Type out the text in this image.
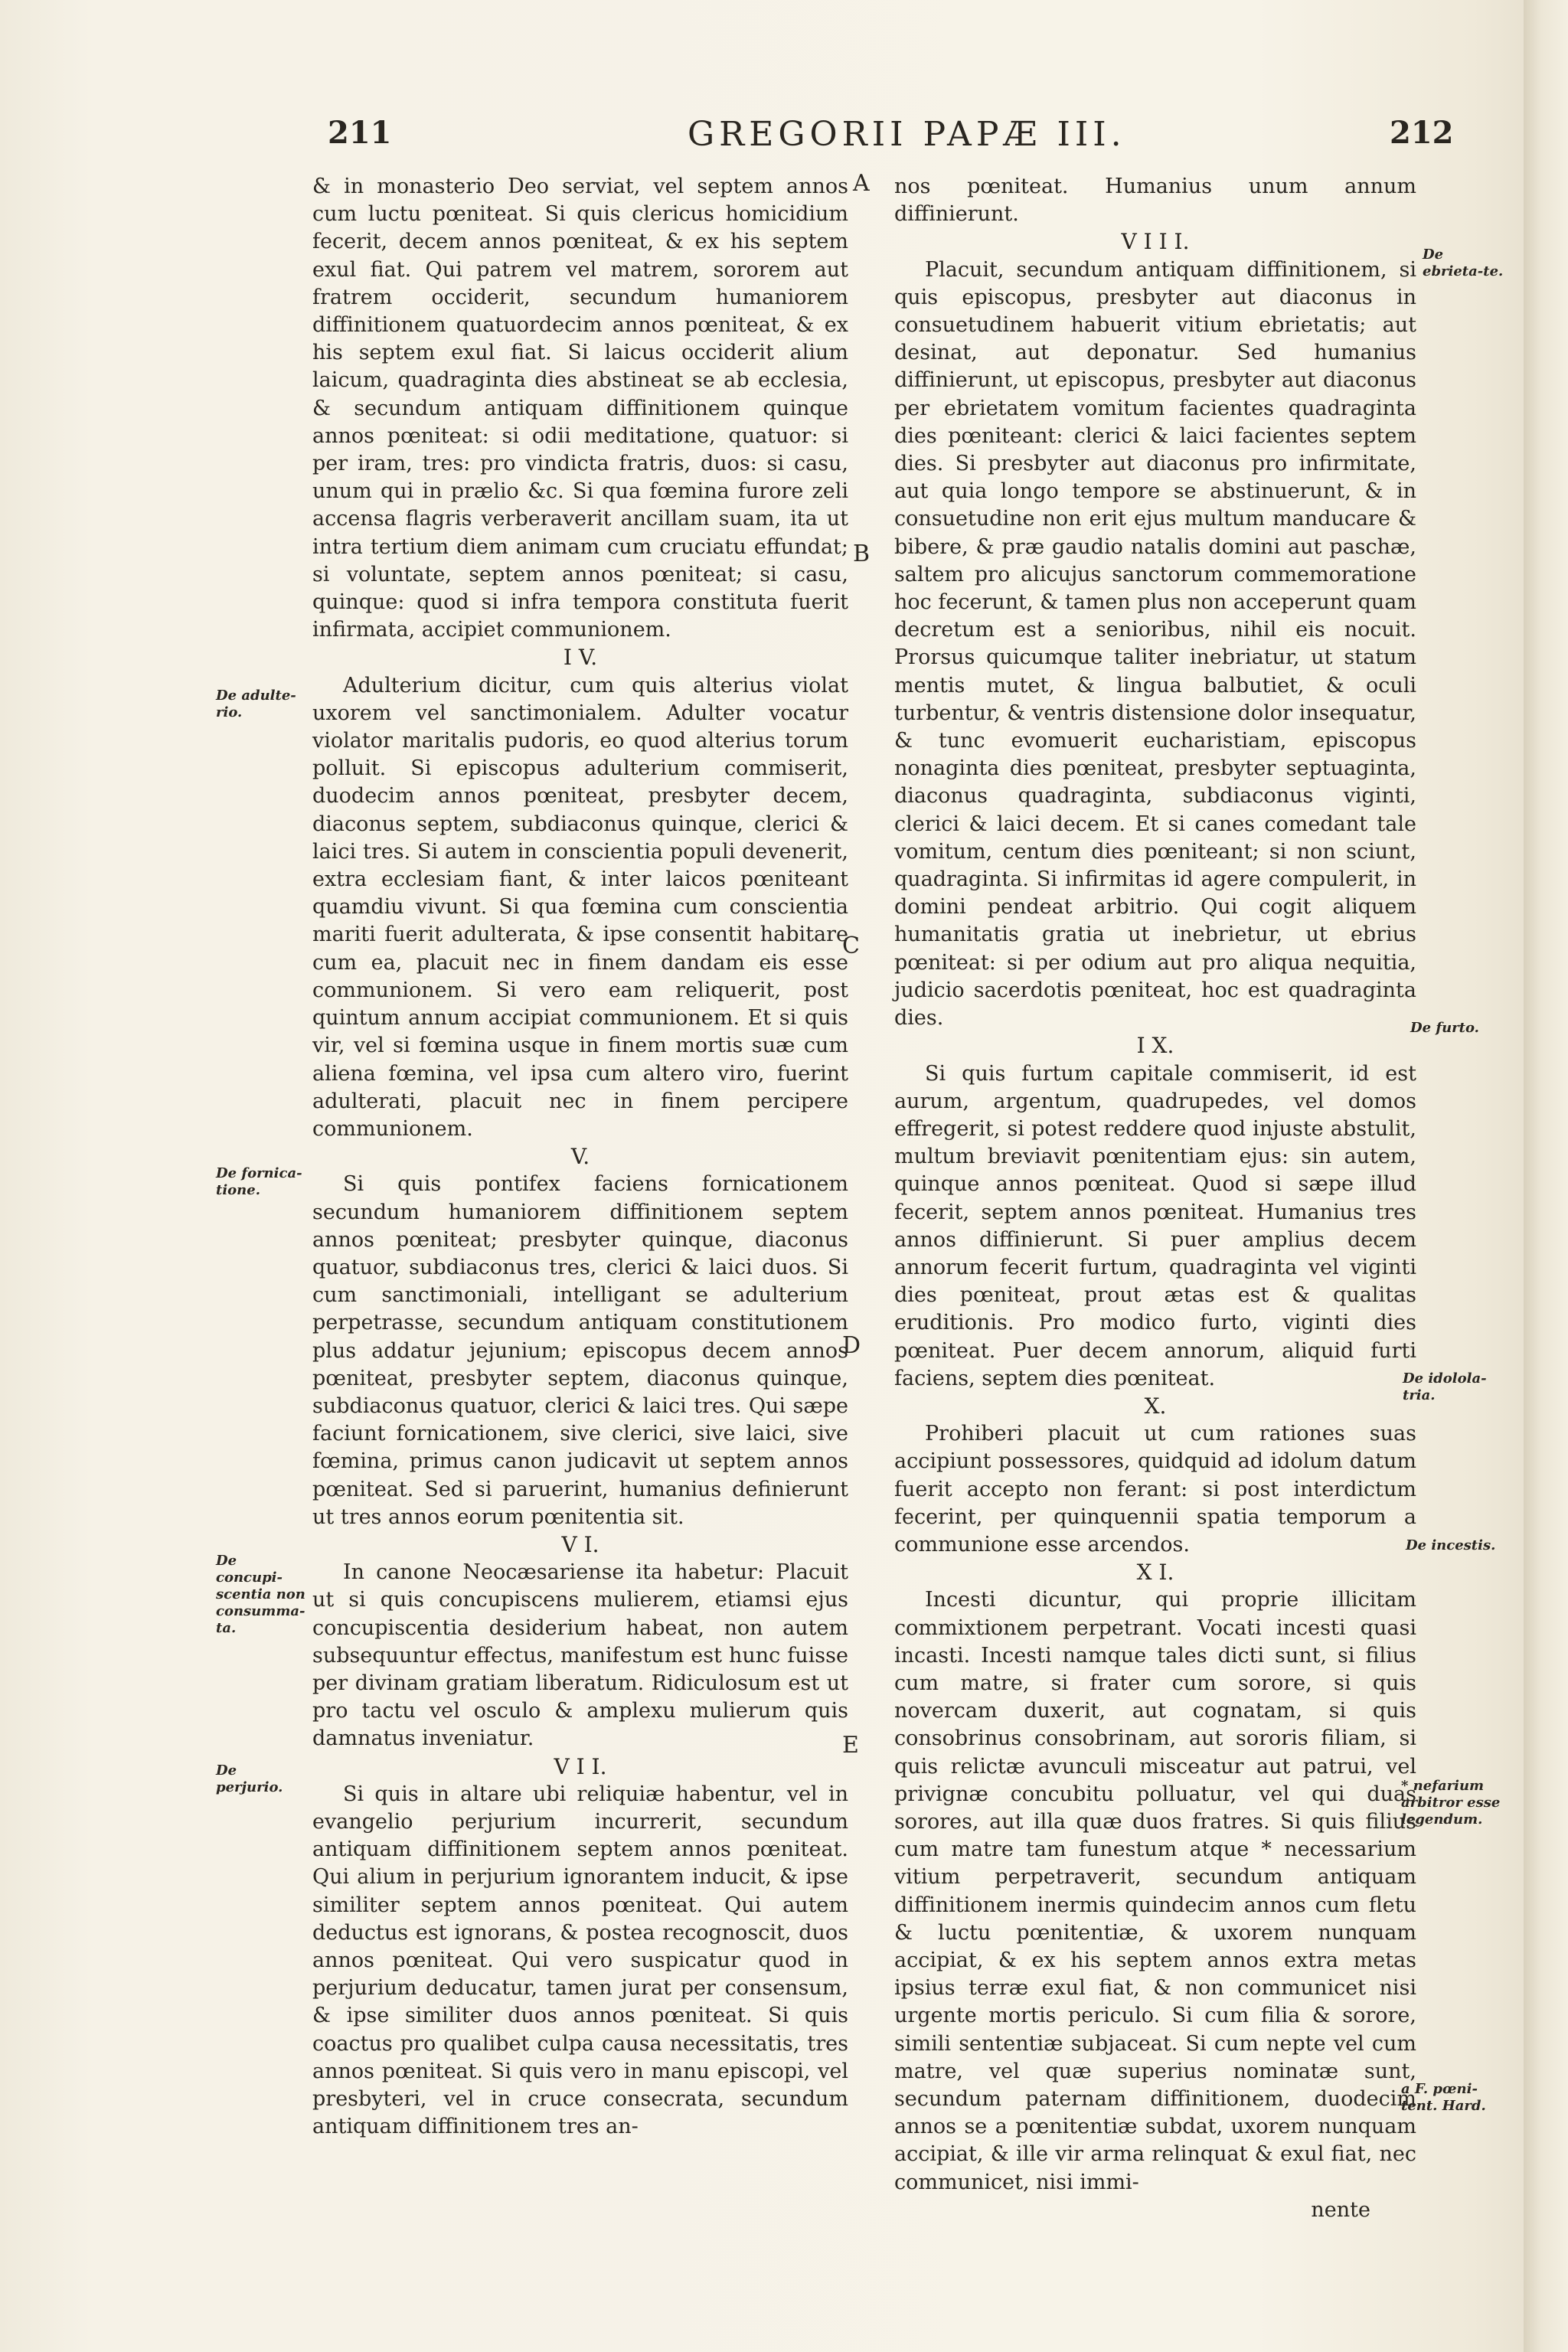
211	GREGORII PAPÆ III.	212

& in monasterio Deo serviat, vel septem annos cum luctu pœniteat. Si quis clericus homicidium fecerit, decem annos pœniteat, & ex his septem exul fiat. Qui patrem vel matrem, sororem aut fratrem occiderit, secundum humaniorem diffinitionem quatuordecim annos pœniteat, & ex his septem exul fiat. Si laicus occiderit alium laicum, quadraginta dies abstineat se ab ecclesia, & secundum antiquam diffinitionem quinque annos pœniteat: si odii meditatione, quatuor: si per iram, tres: pro vindicta fratris, duos: si casu, unum qui in prælio &c. Si qua fœmina furore zeli accensa flagris verberaverit ancillam suam, ita ut intra tertium diem animam cum cruciatu effundat; si voluntate, septem annos pœniteat; si casu, quinque: quod si infra tempora constituta fuerit infirmata, accipiet communionem.

I V.

Adulterium dicitur, cum quis alterius violat uxorem vel sanctimonialem. Adulter vocatur violator maritalis pudoris, eo quod alterius torum polluit. Si episcopus adulterium commiserit, duodecim annos pœniteat, presbyter decem, diaconus septem, subdiaconus quinque, clerici & laici tres. Si autem in conscientia populi devenerit, extra ecclesiam fiant, & inter laicos pœniteant quamdiu vivunt. Si qua fœmina cum conscientia mariti fuerit adulterata, & ipse consentit habitare cum ea, placuit nec in finem dandam eis esse communionem. Si vero eam reliquerit, post quintum annum accipiat communionem. Et si quis vir, vel si fœmina usque in finem mortis suæ cum aliena fœmina, vel ipsa cum altero viro, fuerint adulterati, placuit nec in finem percipere communionem.

V.

Si quis pontifex faciens fornicationem secundum humaniorem diffinitionem septem annos pœniteat; presbyter quinque, diaconus quatuor, subdiaconus tres, clerici & laici duos. Si cum sanctimoniali, intelligant se adulterium perpetrasse, secundum antiquam constitutionem plus addatur jejunium; episcopus decem annos pœniteat, presbyter septem, diaconus quinque, subdiaconus quatuor, clerici & laici tres. Qui sæpe faciunt fornicationem, sive clerici, sive laici, sive fœmina, primus canon judicavit ut septem annos pœniteat. Sed si paruerint, humanius definierunt ut tres annos eorum pœnitentia sit.

V I.

In canone Neocæsariense ita habetur: Placuit ut si quis concupiscens mulierem, etiamsi ejus concupiscentia desiderium habeat, non autem subsequuntur effectus, manifestum est hunc fuisse per divinam gratiam liberatum. Ridiculosum est ut pro tactu vel osculo & amplexu mulierum quis damnatus inveniatur.

V I I.

Si quis in altare ubi reliquiæ habentur, vel in evangelio perjurium incurrerit, secundum antiquam diffinitionem septem annos pœniteat. Qui alium in perjurium ignorantem inducit, & ipse similiter septem annos pœniteat. Qui autem deductus est ignorans, & postea recognoscit, duos annos pœniteat. Qui vero suspicatur quod in perjurium deducatur, tamen jurat per consensum, & ipse similiter duos annos pœniteat. Si quis coactus pro qualibet culpa causa necessitatis, tres annos pœniteat. Si quis vero in manu episcopi, vel presbyteri, vel in cruce consecrata, secundum antiquam diffinitionem tres an-

nos pœniteat. Humanius unum annum diffinierunt.

V I I I.

Placuit, secundum antiquam diffinitionem, si quis episcopus, presbyter aut diaconus in consuetudinem habuerit vitium ebrietatis; aut desinat, aut deponatur. Sed humanius diffinierunt, ut episcopus, presbyter aut diaconus per ebrietatem vomitum facientes quadraginta dies pœniteant: clerici & laici facientes septem dies. Si presbyter aut diaconus pro infirmitate, aut quia longo tempore se abstinuerunt, & in consuetudine non erit ejus multum manducare & bibere, & præ gaudio natalis domini aut paschæ, saltem pro alicujus sanctorum commemoratione hoc fecerunt, & tamen plus non acceperunt quam decretum est a senioribus, nihil eis nocuit. Prorsus quicumque taliter inebriatur, ut statum mentis mutet, & lingua balbutiet, & oculi turbentur, & ventris distensione dolor insequatur, & tunc evomuerit eucharistiam, episcopus nonaginta dies pœniteat, presbyter septuaginta, diaconus quadraginta, subdiaconus viginti, clerici & laici decem. Et si canes comedant tale vomitum, centum dies pœniteant; si non sciunt, quadraginta. Si infirmitas id agere compulerit, in domini pendeat arbitrio. Qui cogit aliquem humanitatis gratia ut inebrietur, ut ebrius pœniteat: si per odium aut pro aliqua nequitia, judicio sacerdotis pœniteat, hoc est quadraginta dies.

I X.

Si quis furtum capitale commiserit, id est aurum, argentum, quadrupedes, vel domos effregerit, si potest reddere quod injuste abstulit, multum breviavit pœnitentiam ejus: sin autem, quinque annos pœniteat. Quod si sæpe illud fecerit, septem annos pœniteat. Humanius tres annos diffinierunt. Si puer amplius decem annorum fecerit furtum, quadraginta vel viginti dies pœniteat, prout ætas est & qualitas eruditionis. Pro modico furto, viginti dies pœniteat. Puer decem annorum, aliquid furti faciens, septem dies pœniteat.

X.

Prohiberi placuit ut cum rationes suas accipiunt possessores, quidquid ad idolum datum fuerit accepto non ferant: si post interdictum fecerint, per quinquennii spatia temporum a communione esse arcendos.

X I.

Incesti dicuntur, qui proprie illicitam commixtionem perpetrant. Vocati incesti quasi incasti. Incesti namque tales dicti sunt, si filius cum matre, si frater cum sorore, si quis novercam duxerit, aut cognatam, si quis consobrinus consobrinam, aut sororis filiam, si quis relictæ avunculi misceatur aut patrui, vel privignæ concubitu polluatur, vel qui duas sorores, aut illa quæ duos fratres. Si quis filius cum matre tam funestum atque * necessarium vitium perpetraverit, secundum antiquam diffinitionem inermis quindecim annos cum fletu & luctu pœnitentiæ, & uxorem nunquam accipiat, & ex his septem annos extra metas ipsius terræ exul fiat, & non communicet nisi urgente mortis periculo. Si cum filia & sorore, simili sententiæ subjaceat. Si cum nepte vel cum matre, vel quæ superius nominatæ sunt, secundum paternam diffinitionem, duodecim annos se a pœnitentiæ subdat, uxorem nunquam accipiat, & ille vir arma relinquat & exul fiat, nec communicet, nisi immi-

nente
De adulte-rio.
De fornica-tione.
De concupi-scentia non consumma-ta.
De perjurio.
De ebrieta-te.
De furto.
De idolola-tria.
De incestis.
* nefarium arbitror esse legendum.
a F. pœni-tent. Hard.
A
B
C
D
E
